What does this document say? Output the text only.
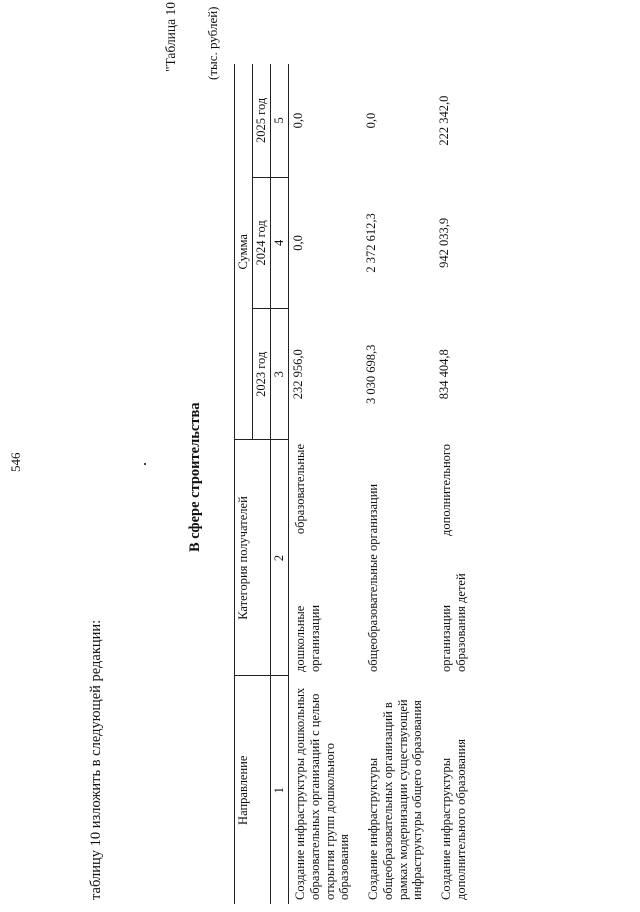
546
таблицу 10 изложить в следующей редакции:
В сфере строительства
"Таблица 10 (тыс. рублей)
Направление	Категория получателей	Сумма		
		2023 год	2024 год	2025 год
1	2	3	4	5
Создание инфраструктуры дошкольных образовательных организаций с целью открытия групп дошкольного образования	дошкольные
образовательные
организации	232 956,0	0,0	0,0
Создание инфраструктуры общеобразовательных организаций в рамках модернизации существующей инфраструктуры общего образования	общеобразовательные организации	3 030 698,3	2 372 612,3	0,0
Создание инфраструктуры дополнительного образования	организации
дополнительного
образования детей	834 404,8	942 033,9	222 342,0
